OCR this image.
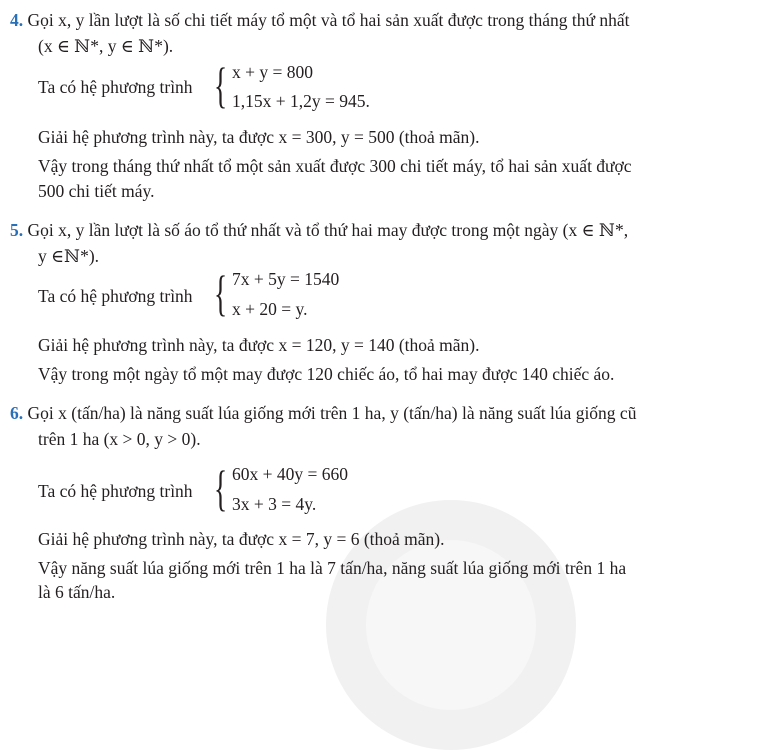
4. Gọi x, y lần lượt là số chi tiết máy tổ một và tổ hai sản xuất được trong tháng thứ nhất
(x ∈ ℕ*, y ∈ ℕ*).
Ta có hệ phương trình { x + y = 800
1,15x + 1,2y = 945.
Giải hệ phương trình này, ta được x = 300, y = 500 (thoả mãn).
Vậy trong tháng thứ nhất tổ một sản xuất được 300 chi tiết máy, tổ hai sản xuất được
500 chi tiết máy.
5. Gọi x, y lần lượt là số áo tổ thứ nhất và tổ thứ hai may được trong một ngày (x ∈ ℕ*,
y ∈ℕ*).
Ta có hệ phương trình { 7x + 5y = 1540
x + 20 = y.
Giải hệ phương trình này, ta được x = 120, y = 140 (thoả mãn).
Vậy trong một ngày tổ một may được 120 chiếc áo, tổ hai may được 140 chiếc áo.
6. Gọi x (tấn/ha) là năng suất lúa giống mới trên 1 ha, y (tấn/ha) là năng suất lúa giống cũ
trên 1 ha (x > 0, y > 0).
Ta có hệ phương trình { 60x + 40y = 660
3x + 3 = 4y.
Giải hệ phương trình này, ta được x = 7, y = 6 (thoả mãn).
Vậy năng suất lúa giống mới trên 1 ha là 7 tấn/ha, năng suất lúa giống mới trên 1 ha
là 6 tấn/ha.
